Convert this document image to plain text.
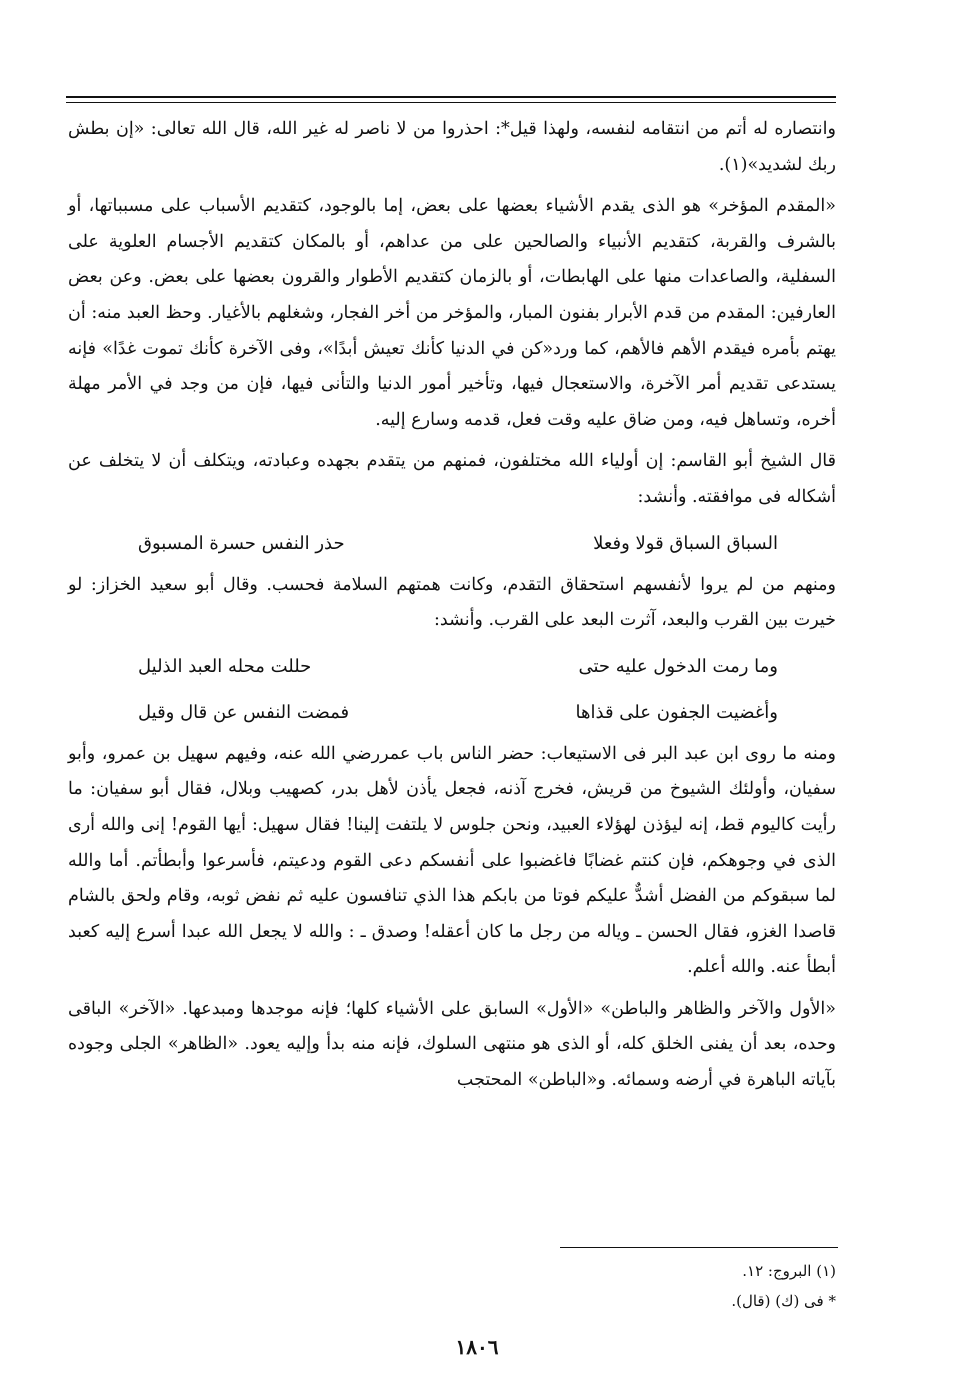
وانتصاره له أتم من انتقامه لنفسه، ولهذا قيل*: احذروا من لا ناصر له غير الله، قال الله تعالى: «إن بطش ربك لشديد»(١).

«المقدم المؤخر» هو الذى يقدم الأشياء بعضها على بعض، إما بالوجود، كتقديم الأسباب على مسبباتها، أو بالشرف والقربة، كتقديم الأنبياء والصالحين على من عداهم، أو بالمكان كتقديم الأجسام العلوية على السفلية، والصاعدات منها على الهابطات، أو بالزمان كتقديم الأطوار والقرون بعضها على بعض. وعن بعض العارفين: المقدم من قدم الأبرار بفنون المبار، والمؤخر من أخر الفجار، وشغلهم بالأغيار. وحظ العبد منه: أن يهتم بأمره فيقدم الأهم فالأهم، كما ورد«كن في الدنيا كأنك تعيش أبدًا»، وفى الآخرة كأنك تموت غدًا» فإنه يستدعى تقديم أمر الآخرة، والاستعجال فيها، وتأخير أمور الدنيا والتأنى فيها، فإن من وجد في الأمر مهلة أخره، وتساهل فيه، ومن ضاق عليه وقت فعل، قدمه وسارع إليه.

قال الشيخ أبو القاسم: إن أولياء الله مختلفون، فمنهم من يتقدم بجهده وعبادته، ويتكلف أن لا يتخلف عن أشكاله فى موافقته. وأنشد:

السباق السباق قولا وفعلا
حذر النفس حسرة المسبوق

ومنهم من لم يروا لأنفسهم استحقاق التقدم، وكانت همتهم السلامة فحسب. وقال أبو سعيد الخزاز: لو خيرت بين القرب والبعد، آثرت البعد على القرب. وأنشد:

وما رمت الدخول عليه حتى
حللت محله العبد الذليل
وأغضيت الجفون على قذاها
فمضت النفس عن قال وقيل

ومنه ما روى ابن عبد البر فى الاستيعاب: حضر الناس باب عمررضي الله عنه، وفيهم سهيل بن عمرو، وأبو سفيان، وأولئك الشيوخ من قريش، فخرج آذنه، فجعل يأذن لأهل بدر، كصهيب وبلال، فقال أبو سفيان: ما رأيت كاليوم قط، إنه ليؤذن لهؤلاء العبيد، ونحن جلوس لا يلتفت إلينا! فقال سهيل: أيها القوم! إنى والله أرى الذى في وجوهكم، فإن كنتم غضابًا فاغضبوا على أنفسكم دعى القوم ودعيتم، فأسرعوا وأبطأتم. أما والله لما سبقوكم من الفضل أشدٌّ عليكم فوتا من بابكم هذا الذي تنافسون عليه ثم نفض ثوبه، وقام ولحق بالشام قاصدا الغزو، فقال الحسن ـ وياله من رجل ما كان أعقله! وصدق ـ : والله لا يجعل الله عبدا أسرع إليه كعبد أبطأ عنه. والله أعلم.

«الأول والآخر والظاهر والباطن» «الأول» السابق على الأشياء كلها؛ فإنه موجدها ومبدعها. «الآخر» الباقى وحده، بعد أن يفنى الخلق كله، أو الذى هو منتهى السلوك، فإنه منه بدأ وإليه يعود. «الظاهر» الجلى وجوده بآياته الباهرة في أرضه وسمائه. و«الباطن» المحتجب

(١) البروج: ١٢.
* فى (ك) (قال).
١٨٠٦
